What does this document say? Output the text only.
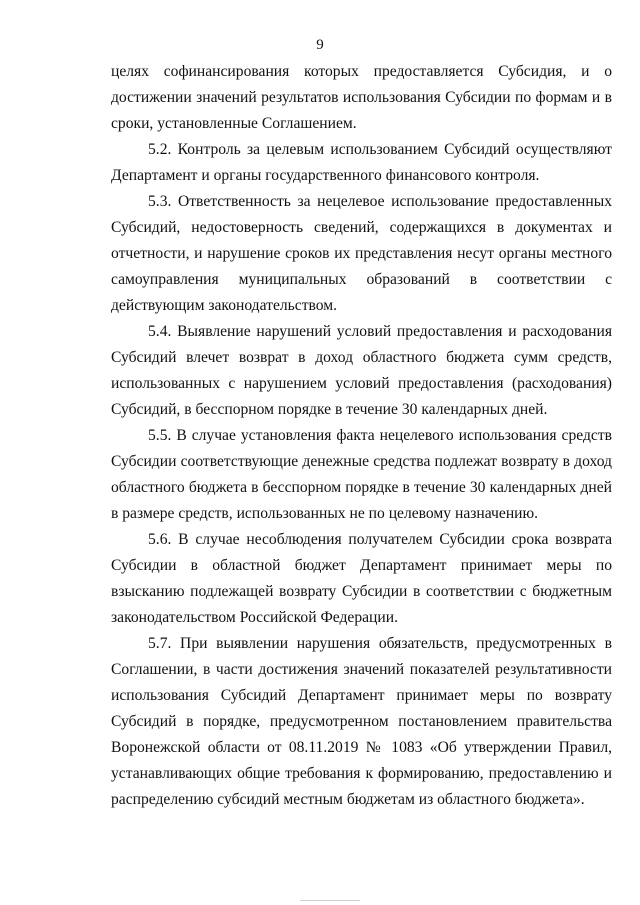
9

целях софинансирования которых предоставляется Субсидия, и о достижении значений результатов использования Субсидии по формам и в сроки, установленные Соглашением.

5.2. Контроль за целевым использованием Субсидий осуществляют Департамент и органы государственного финансового контроля.

5.3. Ответственность за нецелевое использование предоставленных Субсидий, недостоверность сведений, содержащихся в документах и отчетности, и нарушение сроков их представления несут органы местного самоуправления муниципальных образований в соответствии с действующим законодательством.

5.4. Выявление нарушений условий предоставления и расходования Субсидий влечет возврат в доход областного бюджета сумм средств, использованных с нарушением условий предоставления (расходования) Субсидий, в бесспорном порядке в течение 30 календарных дней.

5.5. В случае установления факта нецелевого использования средств Субсидии соответствующие денежные средства подлежат возврату в доход областного бюджета в бесспорном порядке в течение 30 календарных дней в размере средств, использованных не по целевому назначению.

5.6. В случае несоблюдения получателем Субсидии срока возврата Субсидии в областной бюджет Департамент принимает меры по взысканию подлежащей возврату Субсидии в соответствии с бюджетным законодательством Российской Федерации.

5.7. При выявлении нарушения обязательств, предусмотренных в Соглашении, в части достижения значений показателей результативности использования Субсидий Департамент принимает меры по возврату Субсидий в порядке, предусмотренном постановлением правительства Воронежской области от 08.11.2019 № 1083 «Об утверждении Правил, устанавливающих общие требования к формированию, предоставлению и распределению субсидий местным бюджетам из областного бюджета».
